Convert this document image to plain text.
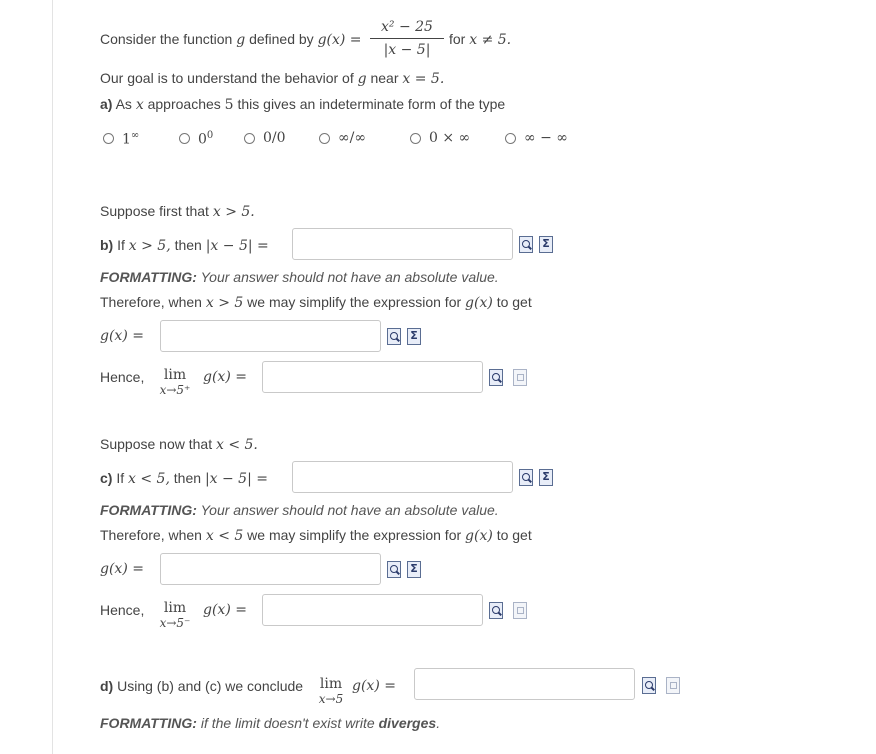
Consider the function g defined by g(x) =
x² − 25
|x − 5|
for x ≠ 5.
Our goal is to understand the behavior of g near x = 5.
a) As x approaches 5 this gives an indeterminate form of the type
1∞	$0^0$	0/0	∞/∞	0 × ∞	∞ − ∞
Suppose first that x > 5.
b) If x > 5, then |x − 5| =	Σ
FORMATTING: Your answer should not have an absolute value.
Therefore, when x > 5 we may simplify the expression for g(x) to get
g(x) =	Σ
Hence,	lim
x→5⁺
g(x) =
Suppose now that x < 5.
c) If x < 5, then |x − 5| =	Σ
FORMATTING: Your answer should not have an absolute value.
Therefore, when x < 5 we may simplify the expression for g(x) to get
g(x) =	Σ
Hence,	lim
x→5⁻
g(x) =
d) Using (b) and (c) we conclude	lim
x→5
g(x) =
FORMATTING: if the limit doesn't exist write diverges.
